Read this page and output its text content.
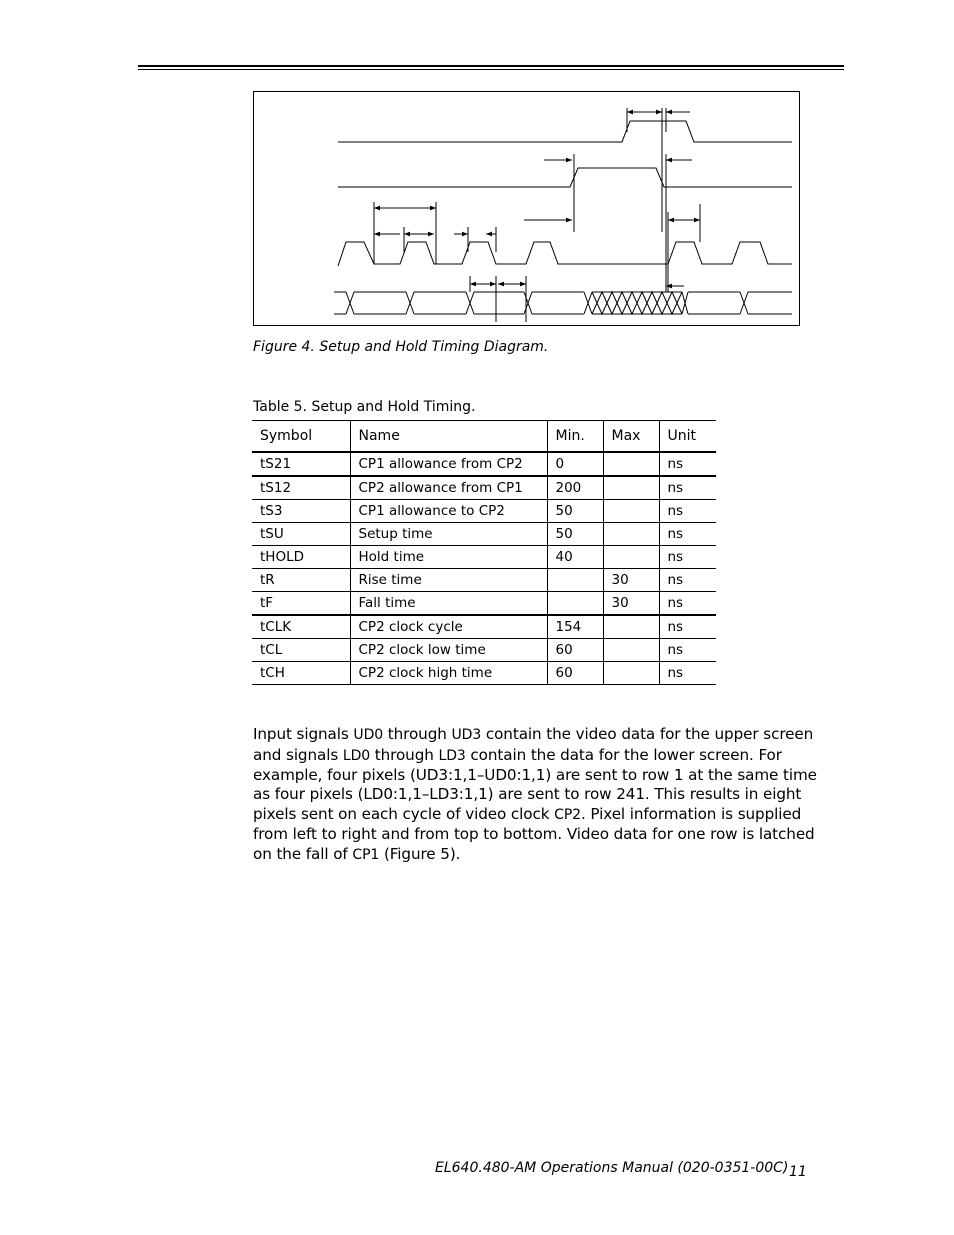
Figure 4. Setup and Hold Timing Diagram.
Table 5. Setup and Hold Timing.
Symbol	Name	Min.	Max	Unit
tS21	CP1 allowance from CP2	0		ns
tS12	CP2 allowance from CP1	200		ns
tS3	CP1 allowance to CP2	50		ns
tSU	Setup time	50		ns
tHOLD	Hold time	40		ns
tR	Rise time		30	ns
tF	Fall time		30	ns
tCLK	CP2 clock cycle	154		ns
tCL	CP2 clock low time	60		ns
tCH	CP2 clock high time	60		ns

Input signals UD0 through UD3 contain the video data for the upper screen and signals LD0 through LD3 contain the data for the lower screen. For example, four pixels (UD3:1,1–UD0:1,1) are sent to row 1 at the same time as four pixels (LD0:1,1–LD3:1,1) are sent to row 241. This results in eight pixels sent on each cycle of video clock CP2. Pixel information is supplied from left to right and from top to bottom. Video data for one row is latched on the fall of CP1 (Figure 5).

EL640.480-AM Operations Manual (020-0351-00C) 11
